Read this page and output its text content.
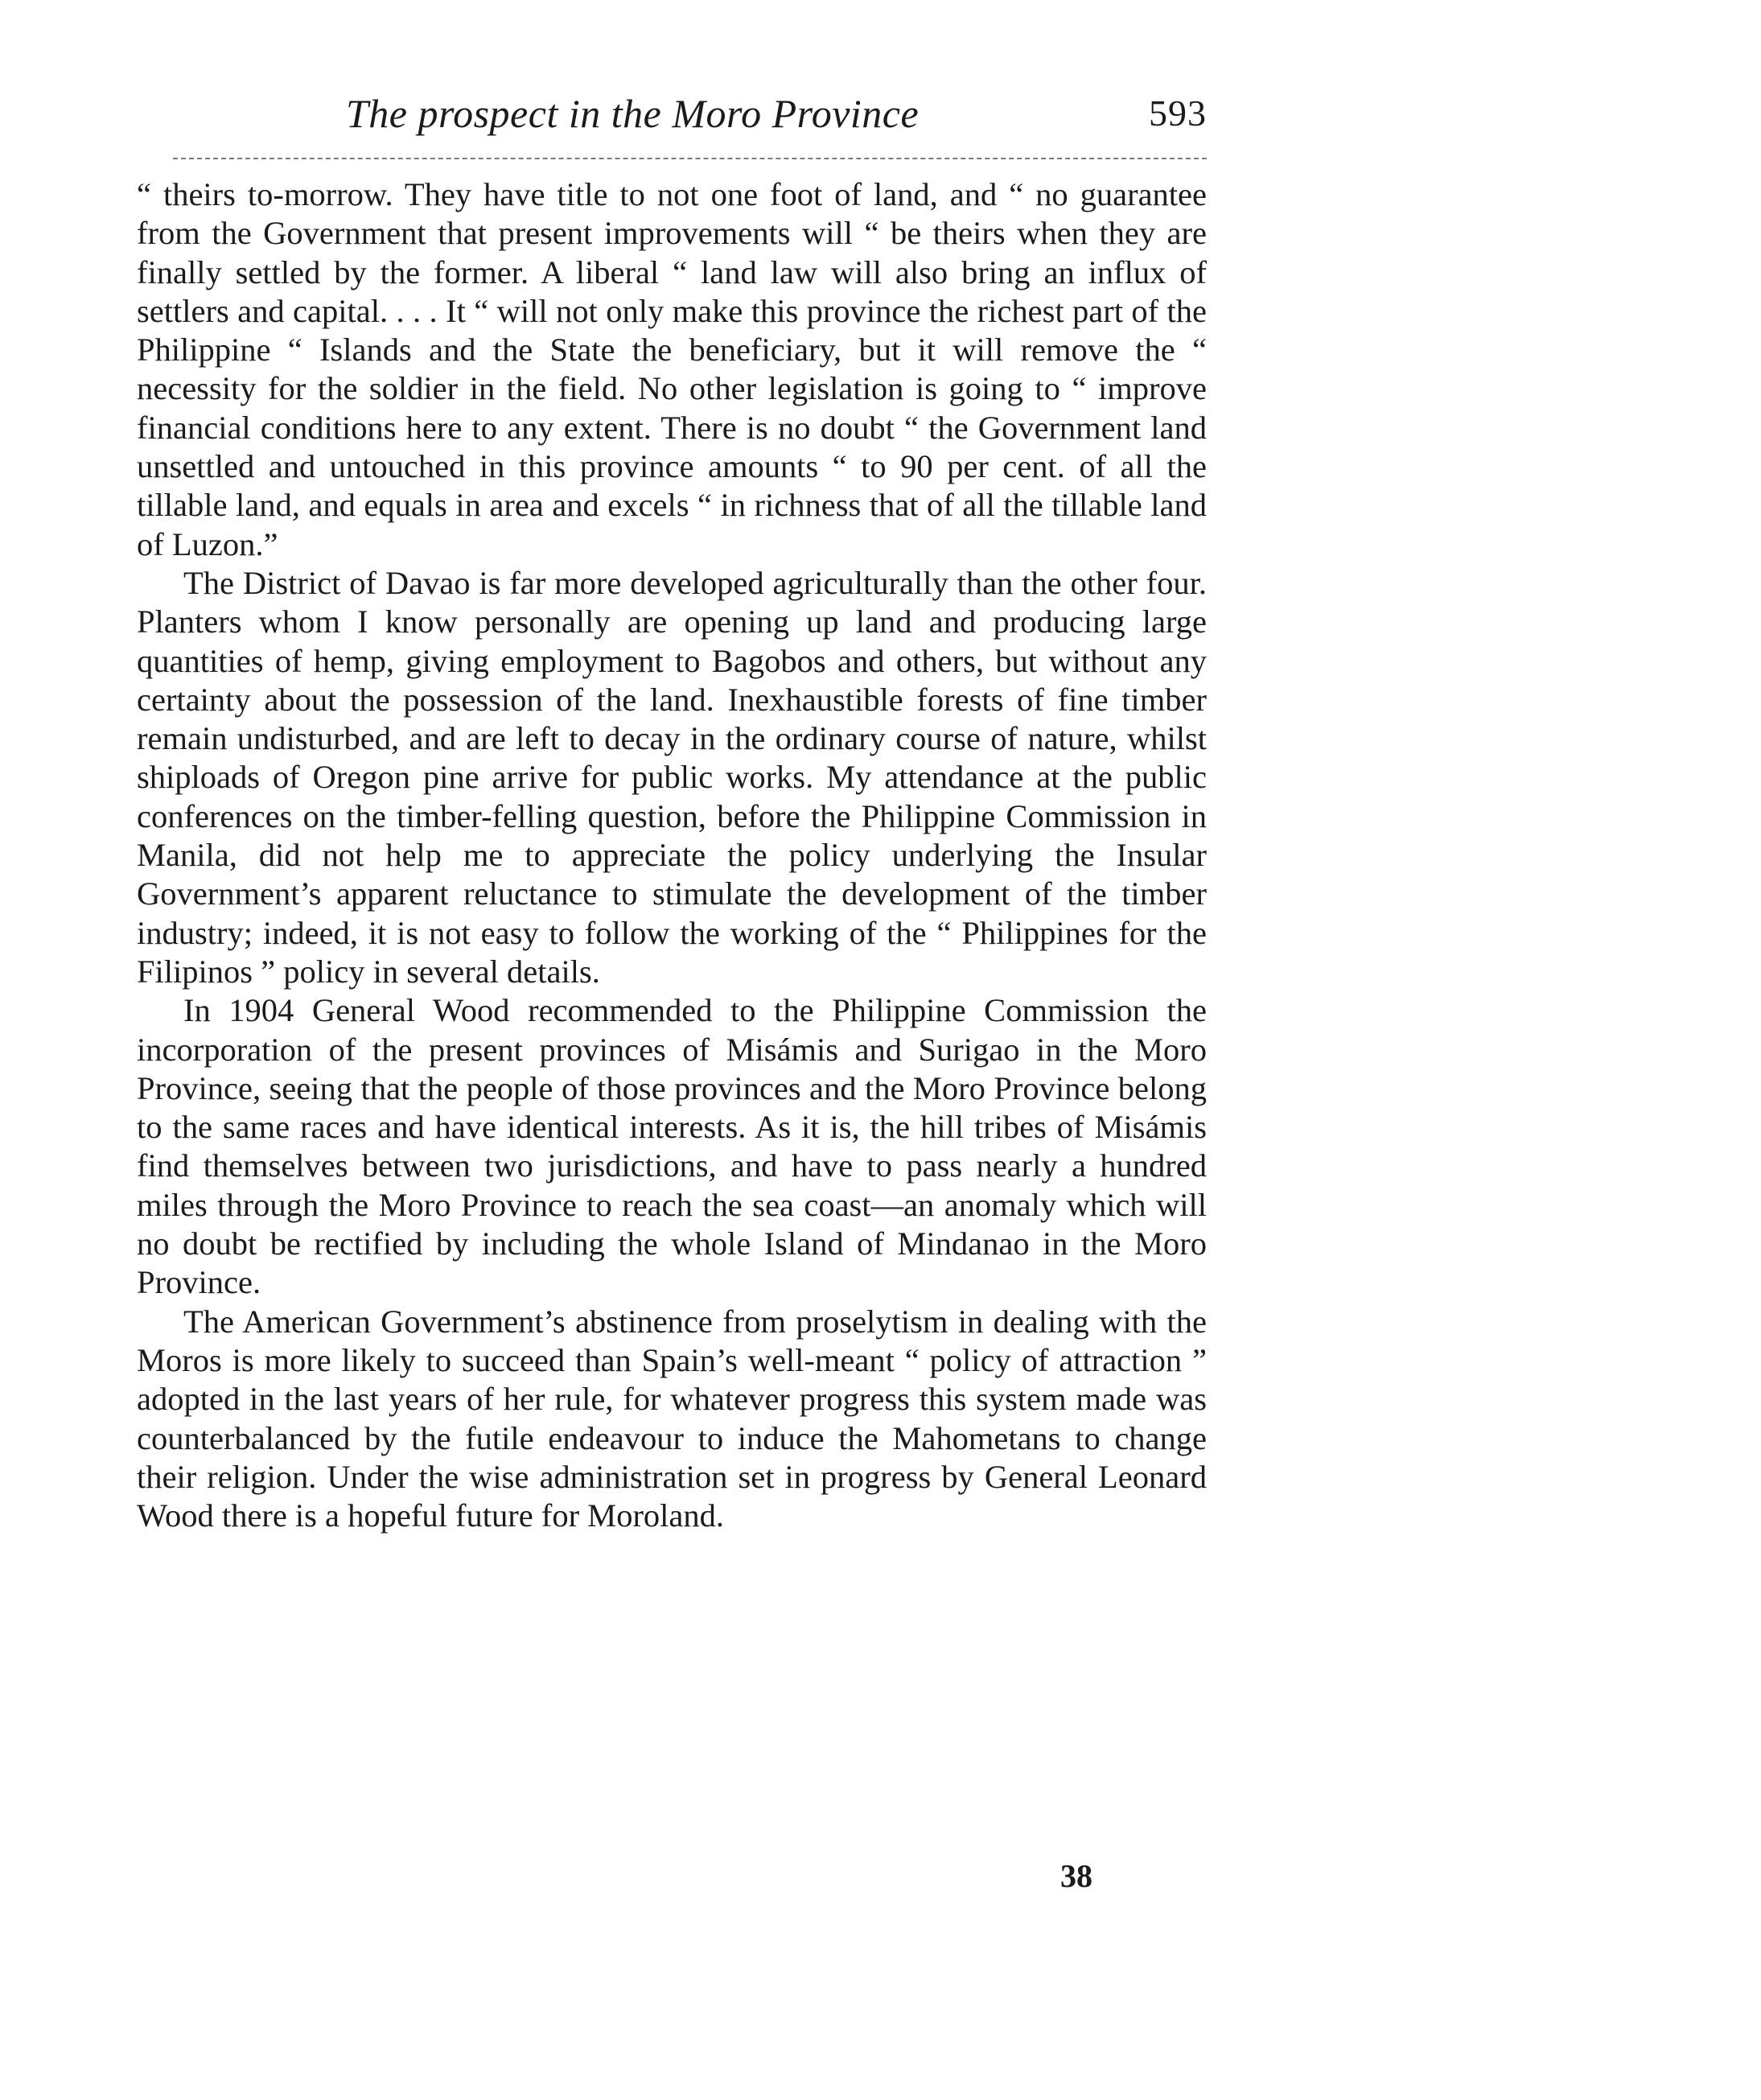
The prospect in the Moro Province	593

“ theirs to-morrow. They have title to not one foot of land, and “ no guarantee from the Government that present improvements will “ be theirs when they are finally settled by the former. A liberal “ land law will also bring an influx of settlers and capital. . . . It “ will not only make this province the richest part of the Philippine “ Islands and the State the beneficiary, but it will remove the “ necessity for the soldier in the field. No other legislation is going to “ improve financial conditions here to any extent. There is no doubt “ the Government land unsettled and untouched in this province amounts “ to 90 per cent. of all the tillable land, and equals in area and excels “ in richness that of all the tillable land of Luzon.”

The District of Davao is far more developed agriculturally than the other four. Planters whom I know personally are opening up land and producing large quantities of hemp, giving employment to Bagobos and others, but without any certainty about the possession of the land. Inexhaustible forests of fine timber remain undisturbed, and are left to decay in the ordinary course of nature, whilst shiploads of Oregon pine arrive for public works. My attendance at the public conferences on the timber-felling question, before the Philippine Commission in Manila, did not help me to appreciate the policy underlying the Insular Government’s apparent reluctance to stimulate the development of the timber industry; indeed, it is not easy to follow the working of the “ Philippines for the Filipinos ” policy in several details.

In 1904 General Wood recommended to the Philippine Commission the incorporation of the present provinces of Misámis and Surigao in the Moro Province, seeing that the people of those provinces and the Moro Province belong to the same races and have identical interests. As it is, the hill tribes of Misámis find themselves between two jurisdictions, and have to pass nearly a hundred miles through the Moro Province to reach the sea coast—an anomaly which will no doubt be rectified by including the whole Island of Mindanao in the Moro Province.

The American Government’s abstinence from proselytism in dealing with the Moros is more likely to succeed than Spain’s well-meant “ policy of attraction ” adopted in the last years of her rule, for whatever progress this system made was counterbalanced by the futile endeavour to induce the Mahometans to change their religion. Under the wise administration set in progress by General Leonard Wood there is a hopeful future for Moroland.

38
